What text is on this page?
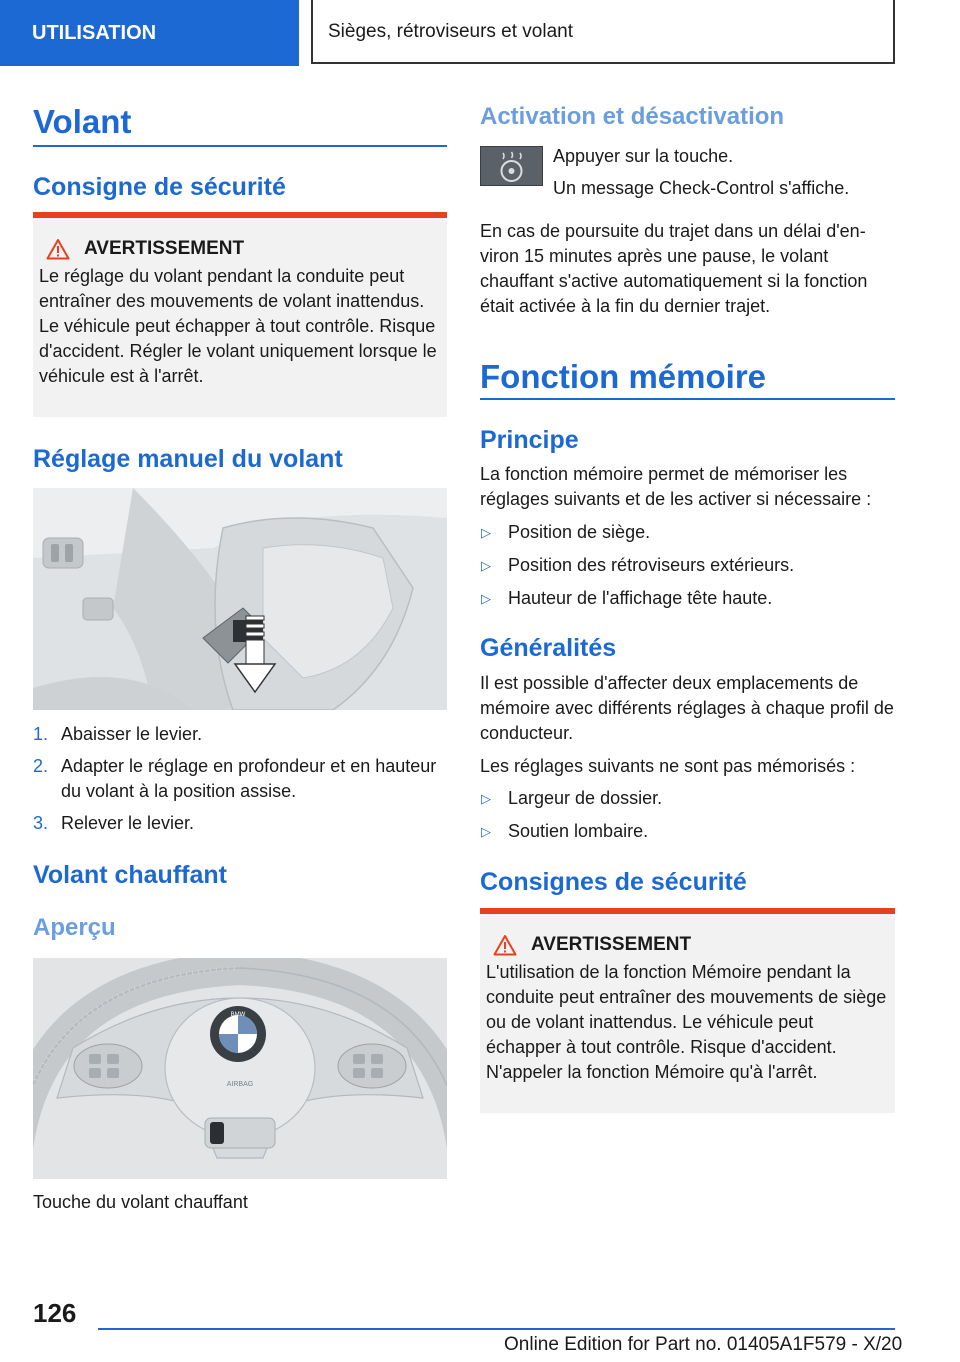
UTILISATION	Sièges, rétroviseurs et volant
Volant
Consigne de sécurité
AVERTISSEMENT
Le réglage du volant pendant la conduite peut entraîner des mouvements de volant inattendus. Le véhicule peut échapper à tout contrôle. Risque d'accident. Régler le volant uniquement lorsque le véhicule est à l'arrêt.
Réglage manuel du volant
1. Abaisser le levier.
2. Adapter le réglage en profondeur et en hauteur du volant à la position assise.
3. Relever le levier.
Volant chauffant
Aperçu
BMW
AIRBAG
Touche du volant chauffant
Activation et désactivation
Appuyer sur la touche.
Un message Check-Control s'affiche.
En cas de poursuite du trajet dans un délai d'environ 15 minutes après une pause, le volant chauffant s'active automatiquement si la fonction était activée à la fin du dernier trajet.
Fonction mémoire
Principe
La fonction mémoire permet de mémoriser les réglages suivants et de les activer si nécessaire :
▷ Position de siège.
▷ Position des rétroviseurs extérieurs.
▷ Hauteur de l'affichage tête haute.
Généralités
Il est possible d'affecter deux emplacements de mémoire avec différents réglages à chaque profil de conducteur.
Les réglages suivants ne sont pas mémorisés :
▷ Largeur de dossier.
▷ Soutien lombaire.
Consignes de sécurité
AVERTISSEMENT
L'utilisation de la fonction Mémoire pendant la conduite peut entraîner des mouvements de siège ou de volant inattendus. Le véhicule peut échapper à tout contrôle. Risque d'accident. N'appeler la fonction Mémoire qu'à l'arrêt.
126
Online Edition for Part no. 01405A1F579 - X/20
